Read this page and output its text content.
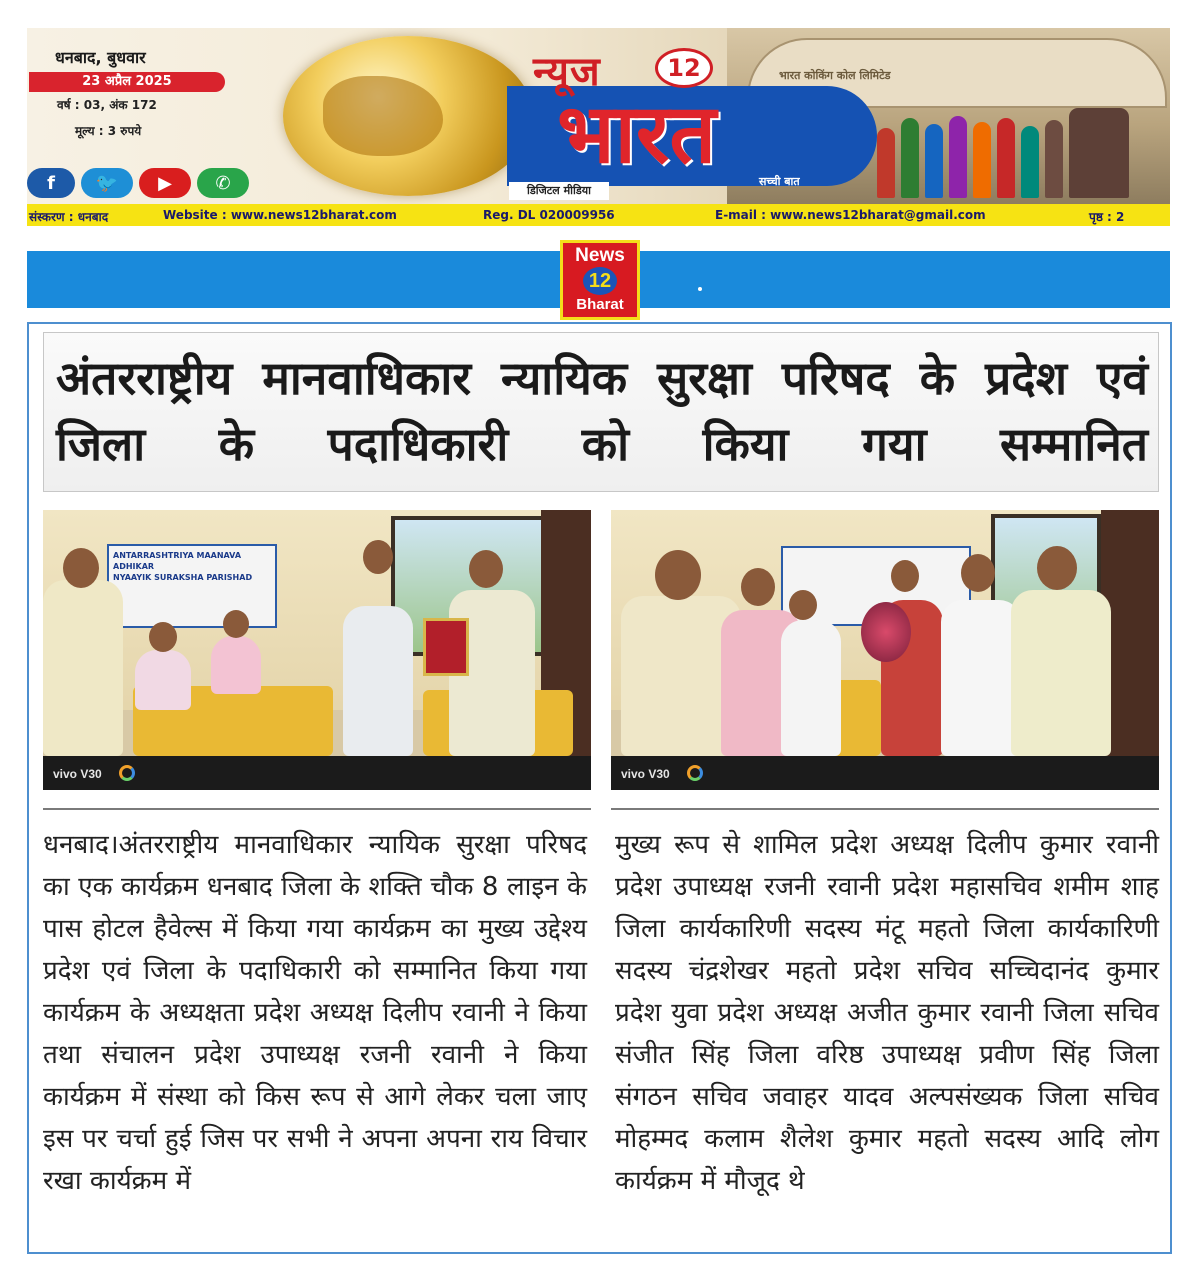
धनबाद, बुधवार
23 अप्रैल 2025
वर्ष : 03, अंक 172
मूल्य : 3 रुपये
f	🐦	▶	✆
भारत कोकिंग कोल लिमिटेड
न्यूज	12
भारत
डिजिटल मीडिया
सच्ची बात
संस्करण : धनबाद	Website : www.news12bharat.com	Reg. DL 020009956	E-mail : www.news12bharat@gmail.com	पृष्ठ : 2
News
12
Bharat
अंतरराष्ट्रीय मानवाधिकार न्यायिक सुरक्षा परिषद के प्रदेश एवं जिला के पदाधिकारी को किया गया सम्मानित
ANTARRASHTRIYA MAANAVA ADHIKAR
NYAAYIK SURAKSHA PARISHAD
vivo V30	vivo V30
धनबाद।अंतरराष्ट्रीय मानवाधिकार न्यायिक सुरक्षा परिषद का एक कार्यक्रम धनबाद जिला के शक्ति चौक 8 लाइन के पास होटल हैवेल्स में किया गया कार्यक्रम का मुख्य उद्देश्य प्रदेश एवं जिला के पदाधिकारी को सम्मानित किया गया कार्यक्रम के अध्यक्षता प्रदेश अध्यक्ष दिलीप रवानी ने किया तथा संचालन प्रदेश उपाध्यक्ष रजनी रवानी ने किया कार्यक्रम में संस्था को किस रूप से आगे लेकर चला जाए इस पर चर्चा हुई जिस पर सभी ने अपना अपना राय विचार रखा कार्यक्रम में
मुख्य रूप से शामिल प्रदेश अध्यक्ष दिलीप कुमार रवानी प्रदेश उपाध्यक्ष रजनी रवानी प्रदेश महासचिव शमीम शाह जिला कार्यकारिणी सदस्य मंटू महतो जिला कार्यकारिणी सदस्य चंद्रशेखर महतो प्रदेश सचिव सच्चिदानंद कुमार प्रदेश युवा प्रदेश अध्यक्ष अजीत कुमार रवानी जिला सचिव संजीत सिंह जिला वरिष्ठ उपाध्यक्ष प्रवीण सिंह जिला संगठन सचिव जवाहर यादव अल्पसंख्यक जिला सचिव मोहम्मद कलाम शैलेश कुमार महतो सदस्य आदि लोग कार्यक्रम में मौजूद थे
